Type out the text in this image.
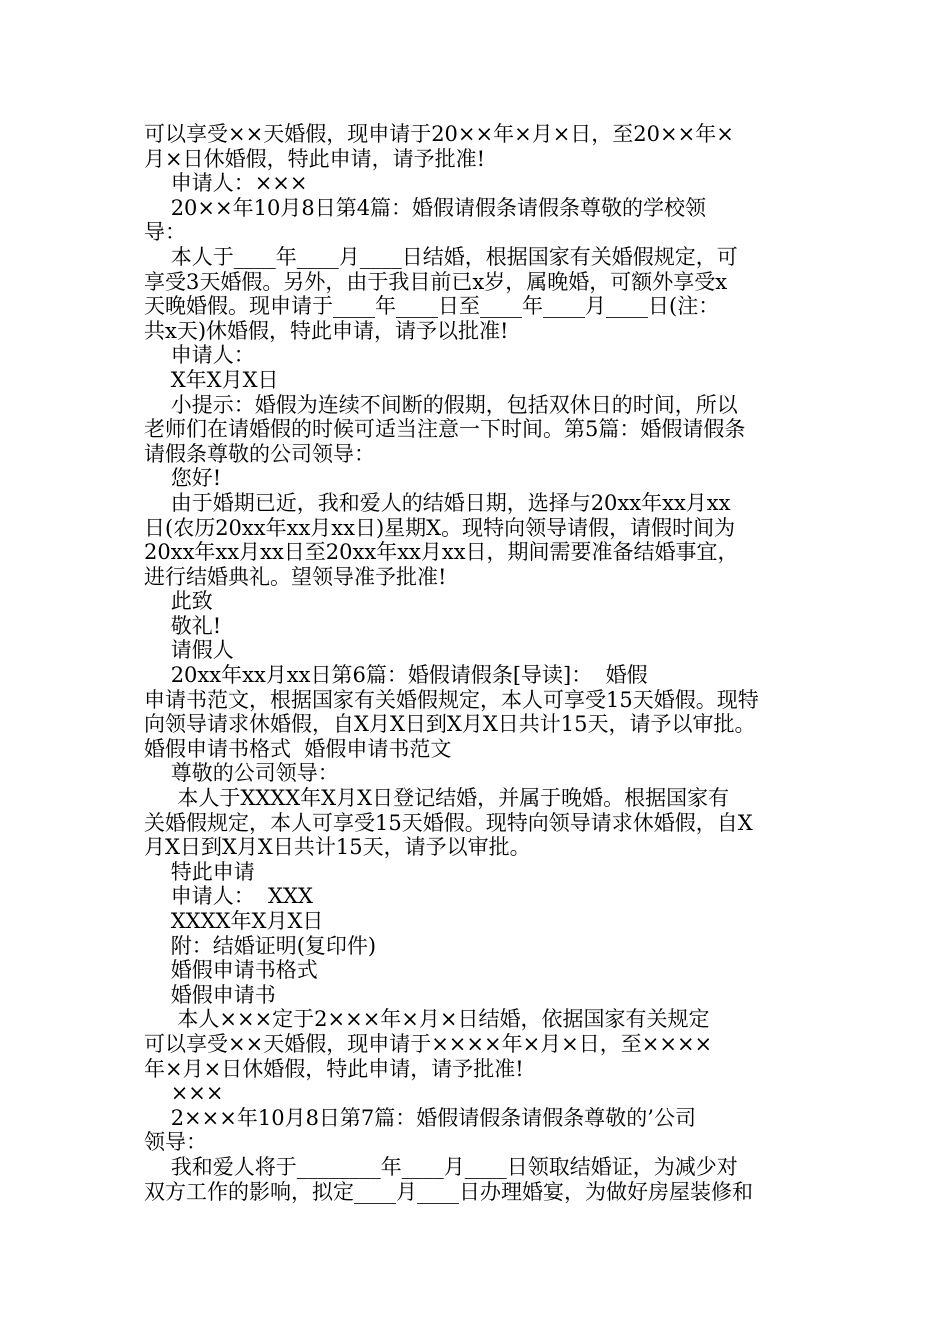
可以享受××天婚假，现申请于20××年×月×日，至20××年×
月×日休婚假，特此申请，请予批准!
申请人：×××
20××年10月8日第4篇：婚假请假条请假条尊敬的学校领
导：
本人于____年____月____日结婚，根据国家有关婚假规定，可
享受3天婚假。另外，由于我目前已x岁，属晚婚，可额外享受x
天晚婚假。现申请于____年____日至____年____月____日(注：
共x天)休婚假，特此申请，请予以批准!
申请人：
X年X月X日
小提示：婚假为连续不间断的假期，包括双休日的时间，所以
老师们在请婚假的时候可适当注意一下时间。第5篇：婚假请假条
请假条尊敬的公司领导：
您好!
由于婚期已近，我和爱人的结婚日期，选择与20xx年xx月xx
日(农历20xx年xx月xx日)星期X。现特向领导请假，请假时间为
20xx年xx月xx日至20xx年xx月xx日，期间需要准备结婚事宜，
进行结婚典礼。望领导准予批准!
此致
敬礼!
请假人
20xx年xx月xx日第6篇：婚假请假条[导读]：  婚假
申请书范文，根据国家有关婚假规定，本人可享受15天婚假。现特
向领导请求休婚假，自X月X日到X月X日共计15天，请予以审批。
婚假申请书格式  婚假申请书范文
尊敬的公司领导：
本人于XXXX年X月X日登记结婚，并属于晚婚。根据国家有
关婚假规定，本人可享受15天婚假。现特向领导请求休婚假，自X
月X日到X月X日共计15天，请予以审批。
特此申请
申请人：  XXX
XXXX年X月X日
附：结婚证明(复印件)
婚假申请书格式
婚假申请书
本人×××定于2×××年×月×日结婚，依据国家有关规定
可以享受××天婚假，现申请于××××年×月×日，至××××
年×月×日休婚假，特此申请，请予批准!
×××
2×××年10月8日第7篇：婚假请假条请假条尊敬的’公司
领导：
我和爱人将于________年____月____日领取结婚证，为减少对
双方工作的影响，拟定____月____日办理婚宴，为做好房屋装修和
